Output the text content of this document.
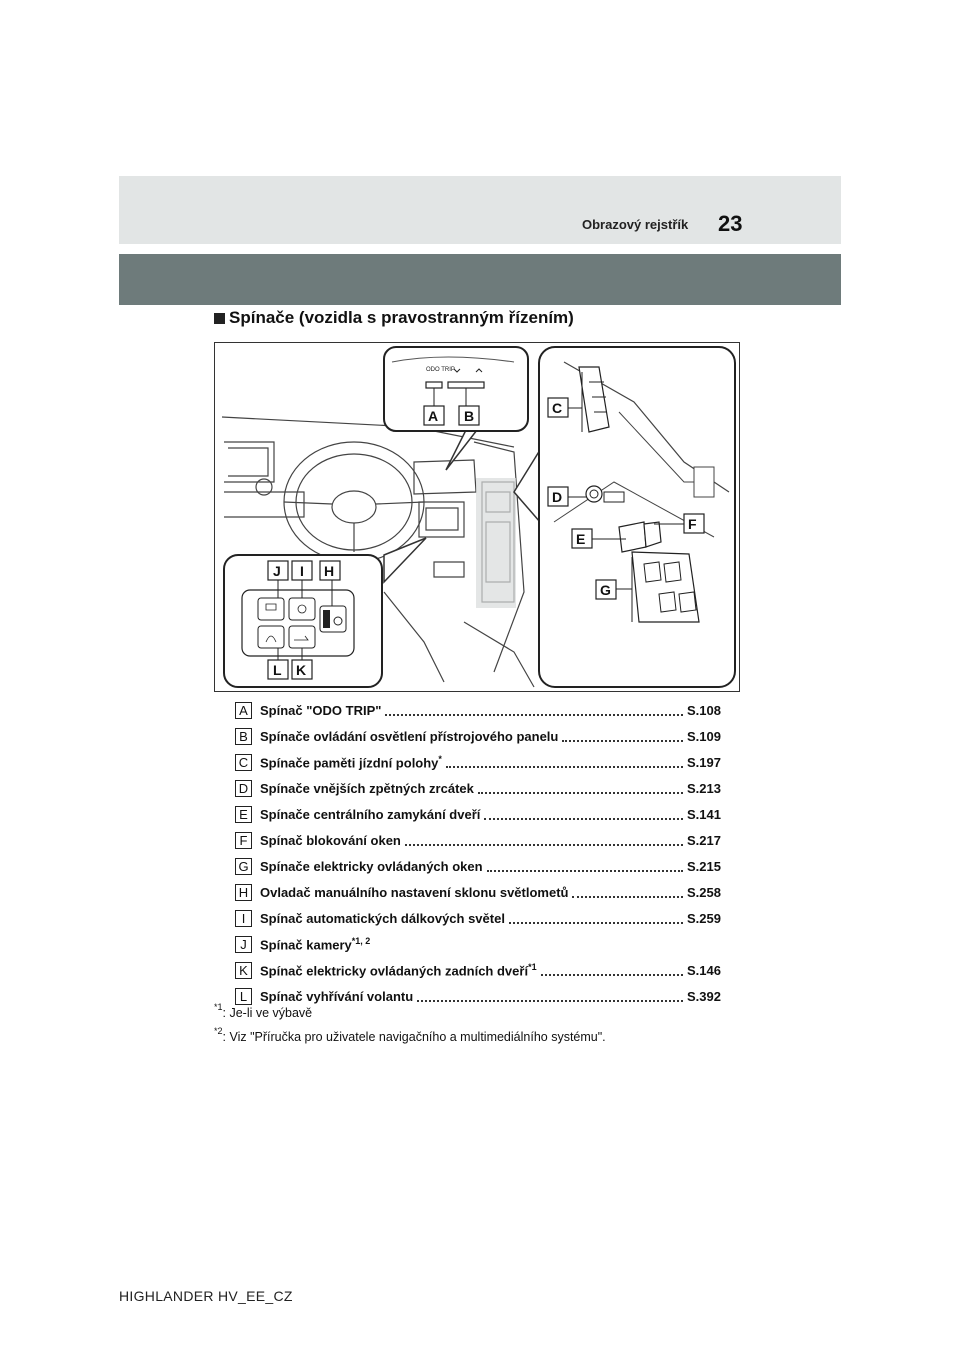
Obrazový rejstřík 23
Spínače (vozidla s pravostranným řízením)
ODO TRIP
A B	C
D
F
E
G
J I H
L K
A Spínač "ODO TRIP"	S.108
B Spínače ovládání osvětlení přístrojového panelu	S.109
C Spínače paměti jízdní polohy*	S.197
D Spínače vnějších zpětných zrcátek	S.213
E Spínače centrálního zamykání dveří	S.141
F Spínač blokování oken	S.217
G Spínače elektricky ovládaných oken	S.215
H Ovladač manuálního nastavení sklonu světlometů	S.258
I	Spínač automatických dálkových světel	S.259
J	Spínač kamery$^{*1, 2}$
K Spínač elektricky ovládaných zadních dveří$^{*1}$	S.146
L Spínač vyhřívání volantu	S.392
$^{*1}$ : Je-li ve výbavě
$^{*2}$ : Viz "Příručka pro uživatele navigačního a multimediálního systému".
HIGHLANDER HV_EE_CZ
